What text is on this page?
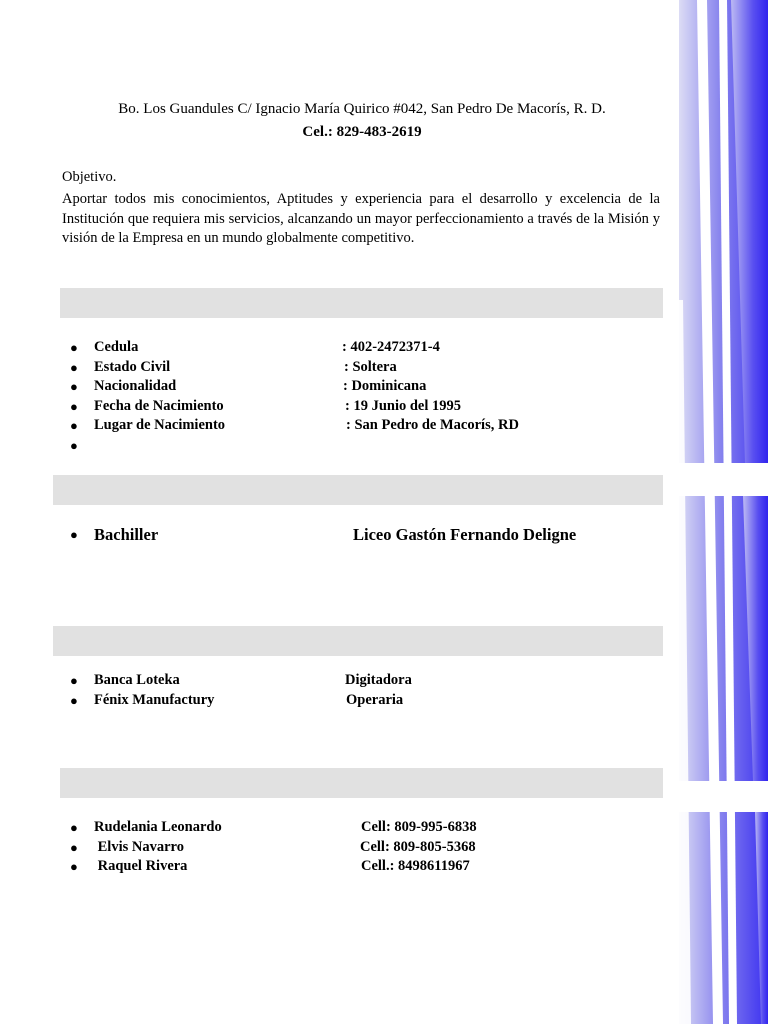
Bo. Los Guandules C/ Ignacio María Quirico #042, San Pedro De Macorís, R. D.
Cel.: 829-483-2619
Objetivo.
Aportar todos mis conocimientos, Aptitudes y experiencia para el desarrollo y excelencia de la Institución que requiera mis servicios, alcanzando un mayor perfeccionamiento a través de la Misión y visión de la Empresa en un mundo globalmente competitivo.
● Cedula	: 402-2472371-4
● Estado Civil	: Soltera
● Nacionalidad	: Dominicana
● Fecha de Nacimiento	: 19 Junio del 1995
● Lugar de Nacimiento	: San Pedro de Macorís, RD
●
● Bachiller	Liceo Gastón Fernando Deligne
● Banca Loteka	Digitadora
● Fénix Manufactury	Operaria
● Rudelania Leonardo	Cell: 809-995-6838
● Elvis Navarro	Cell: 809-805-5368
● Raquel Rivera	Cell.: 8498611967
